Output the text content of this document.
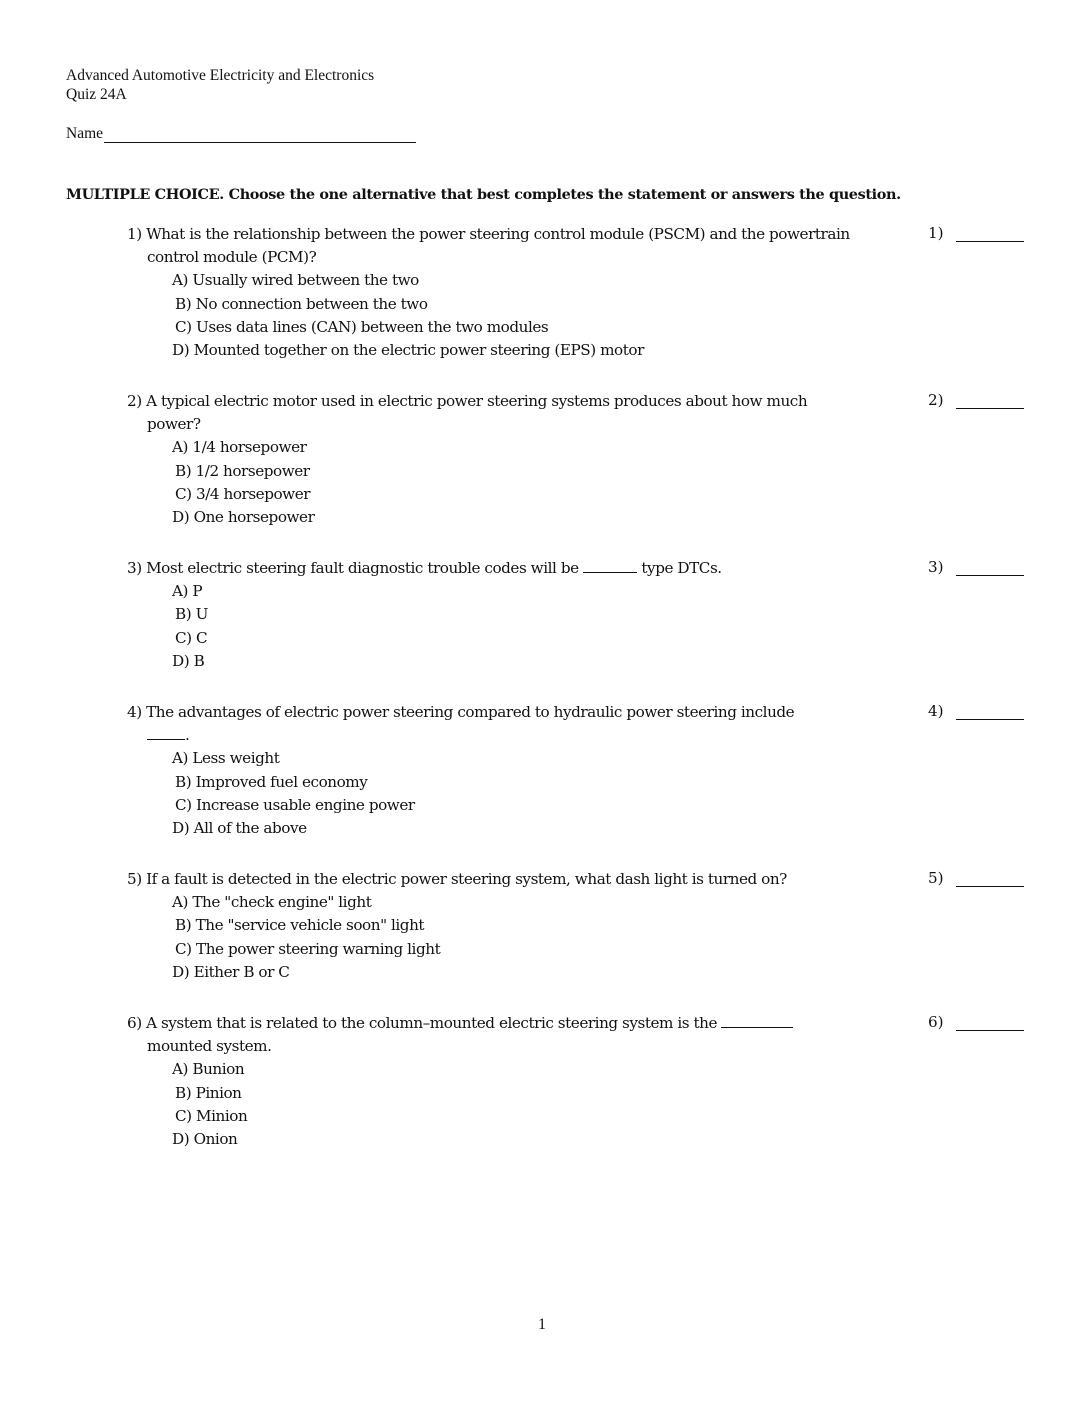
Advanced Automotive Electricity and Electronics
Quiz 24A
Name
MULTIPLE CHOICE. Choose the one alternative that best completes the statement or answers the question.
1) What is the relationship between the power steering control module (PSCM) and the powertrain
control module (PCM)?
A) Usually wired between the two
B) No connection between the two
C) Uses data lines (CAN) between the two modules
D) Mounted together on the electric power steering (EPS) motor
1)
2) A typical electric motor used in electric power steering systems produces about how much
power?
A) 1/4 horsepower
B) 1/2 horsepower
C) 3/4 horsepower
D) One horsepower
2)
3) Most electric steering fault diagnostic trouble codes will be	type DTCs.
A) P
B) U
C) C
D) B
3)
4) The advantages of electric power steering compared to hydraulic power steering include
.
A) Less weight
B) Improved fuel economy
C) Increase usable engine power
D) All of the above
4)
5) If a fault is detected in the electric power steering system, what dash light is turned on?
A) The "check engine" light
B) The "service vehicle soon" light
C) The power steering warning light
D) Either B or C
5)
6) A system that is related to the column–mounted electric steering system is the
mounted system.
A) Bunion
B) Pinion
C) Minion
D) Onion
6)
1
